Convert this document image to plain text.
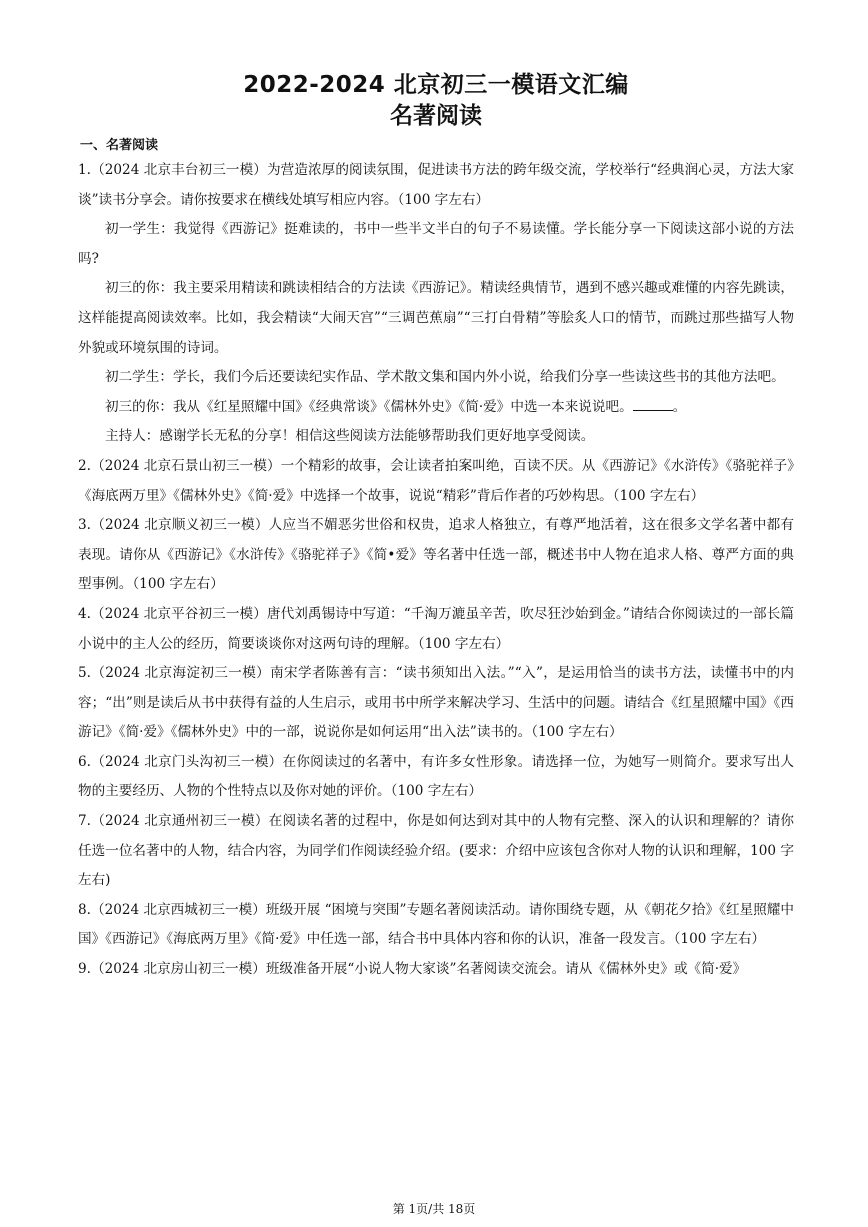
2022-2024 北京初三一模语文汇编
名著阅读
一、名著阅读
1.（2024 北京丰台初三一模）为营造浓厚的阅读氛围，促进读书方法的跨年级交流，学校举行“经典润心灵，方法大家谈”读书分享会。请你按要求在横线处填写相应内容。（100 字左右）
初一学生：我觉得《西游记》挺难读的，书中一些半文半白的句子不易读懂。学长能分享一下阅读这部小说的方法吗?
初三的你：我主要采用精读和跳读相结合的方法读《西游记》。精读经典情节，遇到不感兴趣或难懂的内容先跳读，这样能提高阅读效率。比如，我会精读“大闹天宫”“三调芭蕉扇”“三打白骨精”等脍炙人口的情节，而跳过那些描写人物外貌或环境氛围的诗词。
初二学生：学长，我们今后还要读纪实作品、学术散文集和国内外小说，给我们分享一些读这些书的其他方法吧。
初三的你：我从《红星照耀中国》《经典常谈》《儒林外史》《简·爱》中选一本来说说吧。	。
主持人：感谢学长无私的分享！相信这些阅读方法能够帮助我们更好地享受阅读。
2.（2024 北京石景山初三一模）一个精彩的故事，会让读者拍案叫绝，百读不厌。从《西游记》《水浒传》《骆驼祥子》《海底两万里》《儒林外史》《简·爱》中选择一个故事，说说“精彩”背后作者的巧妙构思。（100 字左右）
3.（2024 北京顺义初三一模）人应当不媚恶劣世俗和权贵，追求人格独立，有尊严地活着，这在很多文学名著中都有表现。请你从《西游记》《水浒传》《骆驼祥子》《简•爱》等名著中任选一部，概述书中人物在追求人格、尊严方面的典型事例。（100 字左右）
4.（2024 北京平谷初三一模）唐代刘禹锡诗中写道：“千淘万漉虽辛苦，吹尽狂沙始到金。”请结合你阅读过的一部长篇小说中的主人公的经历，简要谈谈你对这两句诗的理解。（100 字左右）
5.（2024 北京海淀初三一模）南宋学者陈善有言：“读书须知出入法。”“入”，是运用恰当的读书方法，读懂书中的内容；“出”则是读后从书中获得有益的人生启示，或用书中所学来解决学习、生活中的问题。请结合《红星照耀中国》《西游记》《简·爱》《儒林外史》中的一部，说说你是如何运用“出入法”读书的。（100 字左右）
6.（2024 北京门头沟初三一模）在你阅读过的名著中，有许多女性形象。请选择一位，为她写一则简介。要求写出人物的主要经历、人物的个性特点以及你对她的评价。（100 字左右）
7.（2024 北京通州初三一模）在阅读名著的过程中，你是如何达到对其中的人物有完整、深入的认识和理解的？请你任选一位名著中的人物，结合内容，为同学们作阅读经验介绍。(要求：介绍中应该包含你对人物的认识和理解，100 字左右)
8.（2024 北京西城初三一模）班级开展 “困境与突围”专题名著阅读活动。请你围绕专题，从《朝花夕拾》《红星照耀中国》《西游记》《海底两万里》《简·爱》中任选一部，结合书中具体内容和你的认识，准备一段发言。（100 字左右）
9.（2024 北京房山初三一模）班级准备开展“小说人物大家谈”名著阅读交流会。请从《儒林外史》或《简·爱》
第 1页/共 18页
